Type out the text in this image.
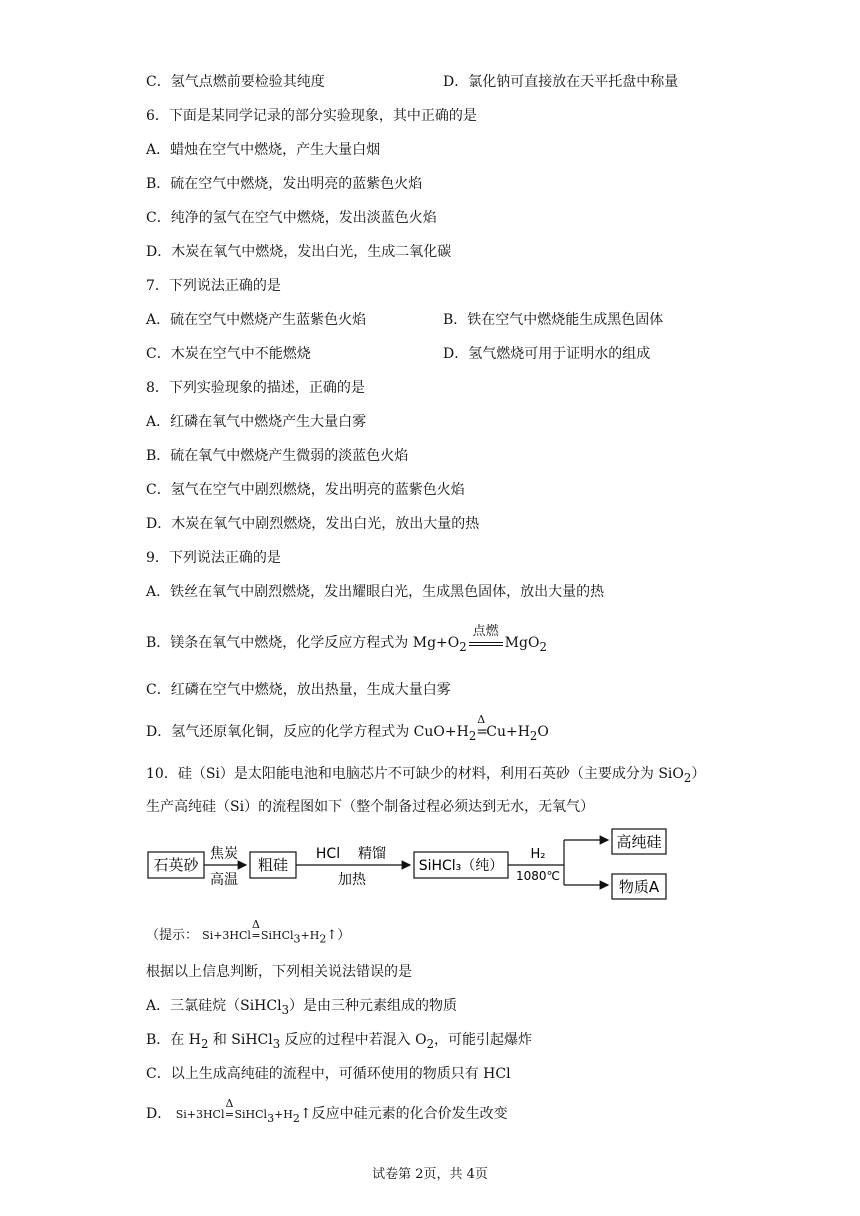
C．氢气点燃前要检验其纯度	D．氯化钠可直接放在天平托盘中称量
6．下面是某同学记录的部分实验现象，其中正确的是
A．蜡烛在空气中燃烧，产生大量白烟
B．硫在空气中燃烧，发出明亮的蓝紫色火焰
C．纯净的氢气在空气中燃烧，发出淡蓝色火焰
D．木炭在氧气中燃烧，发出白光，生成二氧化碳
7．下列说法正确的是
A．硫在空气中燃烧产生蓝紫色火焰	B．铁在空气中燃烧能生成黑色固体
C．木炭在空气中不能燃烧	D．氢气燃烧可用于证明水的组成
8．下列实验现象的描述，正确的是
A．红磷在氧气中燃烧产生大量白雾
B．硫在氧气中燃烧产生微弱的淡蓝色火焰
C．氢气在空气中剧烈燃烧，发出明亮的蓝紫色火焰
D．木炭在氧气中剧烈燃烧，发出白光，放出大量的热
9．下列说法正确的是
A．铁丝在氧气中剧烈燃烧，发出耀眼白光，生成黑色固体，放出大量的热
B．镁条在氧气中燃烧，化学反应方程式为 $Mg+O_2$
点燃
MgO$_2$
C．红磷在空气中燃烧，放出热量，生成大量白雾
D．氢气还原氧化铜，反应的化学方程式为 $CuO+H_2$
Δ
$=Cu+H_2O$
10．硅（Si）是太阳能电池和电脑芯片不可缺少的材料，利用石英砂（主要成分为 SiO$_2$）
生产高纯硅（Si）的流程图如下（整个制备过程必须达到无水，无氧气）
石英砂
焦炭
高温
粗硅
HCl 精馏
加热
SiHCl₃（纯）
H₂
1080℃
高纯硅
物质A
（提示： Si+3HCl
Δ
$=SiHCl_3+H_2↑$）
根据以上信息判断，下列相关说法错误的是
A．三氯硅烷（SiHCl$_3$）是由三种元素组成的物质
B．在 $H_2$ 和 SiHCl$_3$ 反应的过程中若混入 $O_2$，可能引起爆炸
C．以上生成高纯硅的流程中，可循环使用的物质只有 HCl
D． Si+3HCl
Δ
$=SiHCl_3+H_2↑$反应中硅元素的化合价发生改变
试卷第 2页，共 4页
